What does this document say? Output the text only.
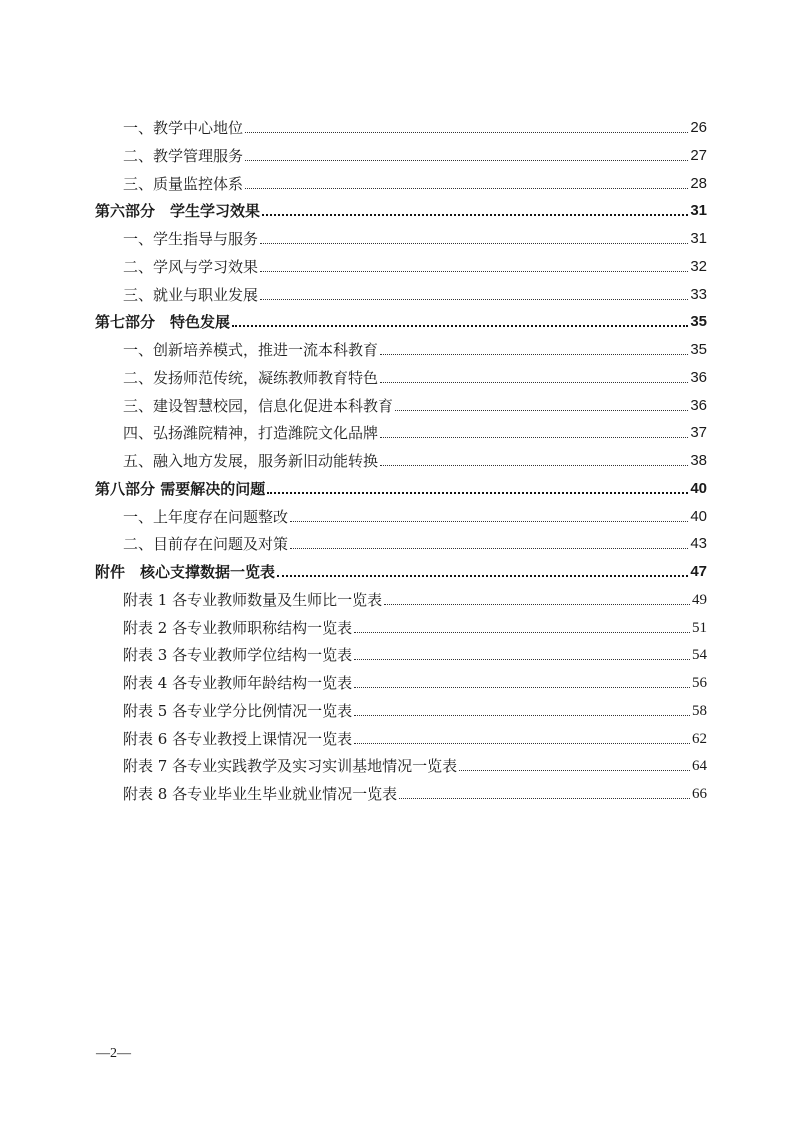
一、教学中心地位	26
二、教学管理服务	27
三、质量监控体系	28
第六部分　学生学习效果	31
一、学生指导与服务	31
二、学风与学习效果	32
三、就业与职业发展	33
第七部分　特色发展	35
一、创新培养模式，推进一流本科教育	35
二、发扬师范传统，凝练教师教育特色	36
三、建设智慧校园，信息化促进本科教育	36
四、弘扬潍院精神，打造潍院文化品牌	37
五、融入地方发展，服务新旧动能转换	38
第八部分 需要解决的问题	40
一、上年度存在问题整改	40
二、目前存在问题及对策	43
附件　核心支撑数据一览表	47
附表 1 各专业教师数量及生师比一览表	49
附表 2 各专业教师职称结构一览表	51
附表 3 各专业教师学位结构一览表	54
附表 4 各专业教师年龄结构一览表	56
附表 5 各专业学分比例情况一览表	58
附表 6 各专业教授上课情况一览表	62
附表 7 各专业实践教学及实习实训基地情况一览表	64
附表 8 各专业毕业生毕业就业情况一览表	66
—2—
